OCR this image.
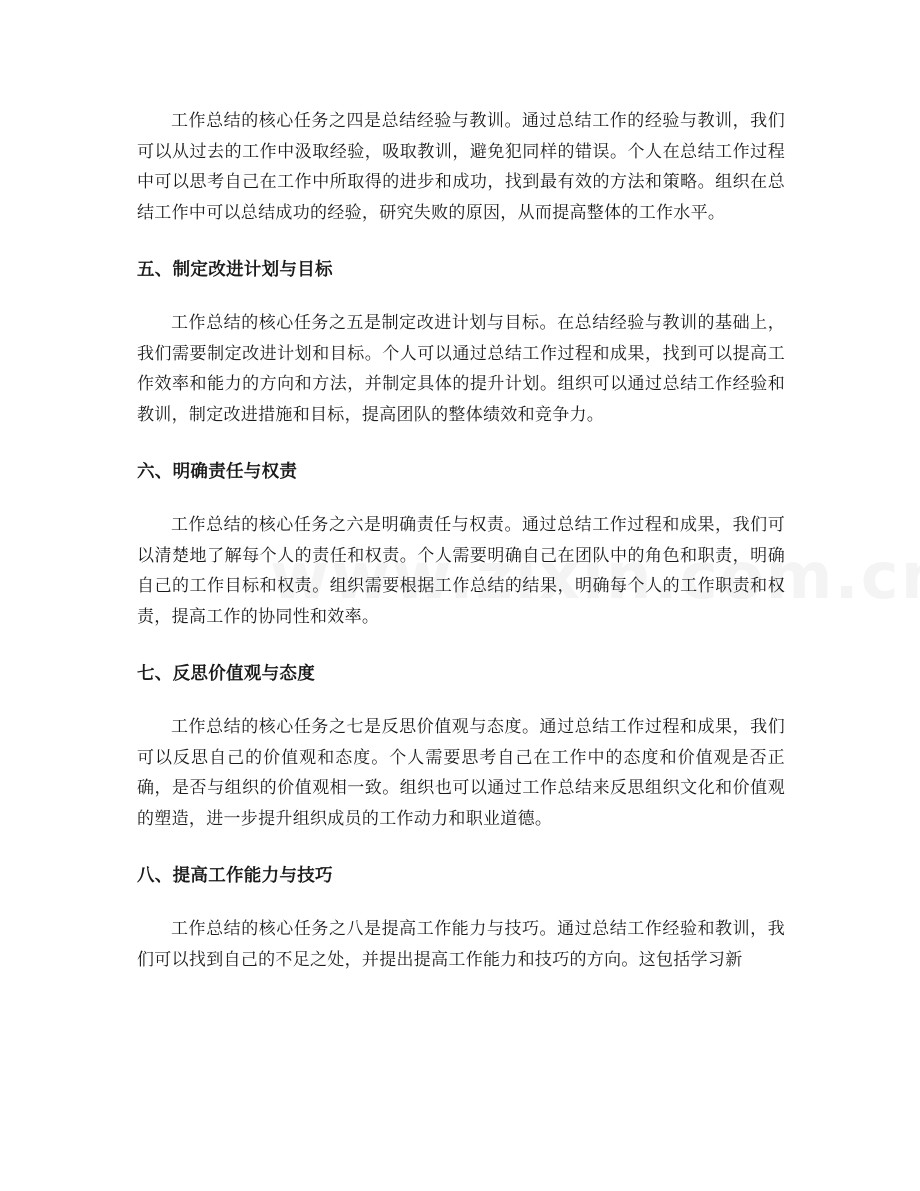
工作总结的核心任务之四是总结经验与教训。通过总结工作的经验与教训，我们可以从过去的工作中汲取经验，吸取教训，避免犯同样的错误。个人在总结工作过程中可以思考自己在工作中所取得的进步和成功，找到最有效的方法和策略。组织在总结工作中可以总结成功的经验，研究失败的原因，从而提高整体的工作水平。

五、制定改进计划与目标

工作总结的核心任务之五是制定改进计划与目标。在总结经验与教训的基础上，我们需要制定改进计划和目标。个人可以通过总结工作过程和成果，找到可以提高工作效率和能力的方向和方法，并制定具体的提升计划。组织可以通过总结工作经验和教训，制定改进措施和目标，提高团队的整体绩效和竞争力。

六、明确责任与权责

工作总结的核心任务之六是明确责任与权责。通过总结工作过程和成果，我们可以清楚地了解每个人的责任和权责。个人需要明确自己在团队中的角色和职责，明确自己的工作目标和权责。组织需要根据工作总结的结果，明确每个人的工作职责和权责，提高工作的协同性和效率。

七、反思价值观与态度

工作总结的核心任务之七是反思价值观与态度。通过总结工作过程和成果，我们可以反思自己的价值观和态度。个人需要思考自己在工作中的态度和价值观是否正确，是否与组织的价值观相一致。组织也可以通过工作总结来反思组织文化和价值观的塑造，进一步提升组织成员的工作动力和职业道德。

八、提高工作能力与技巧

工作总结的核心任务之八是提高工作能力与技巧。通过总结工作经验和教训，我们可以找到自己的不足之处，并提出提高工作能力和技巧的方向。这包括学习新
